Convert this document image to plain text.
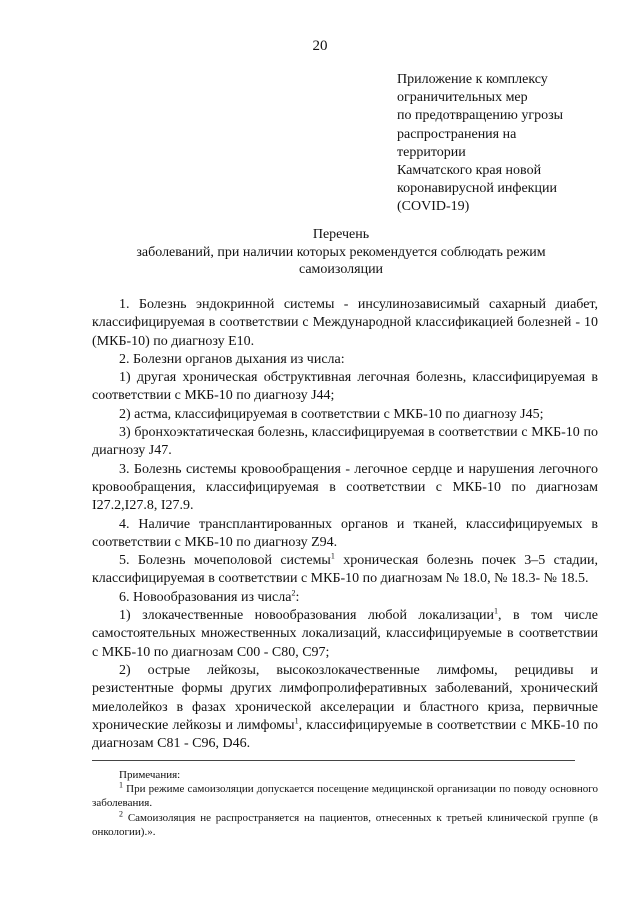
20
Приложение к комплексу
ограничительных мер
по предотвращению угрозы
распространения на
территории
Камчатского края новой
коронавирусной инфекции
(COVID-19)
Перечень
заболеваний, при наличии которых рекомендуется соблюдать режим
самоизоляции

1. Болезнь эндокринной системы - инсулинозависимый сахарный диабет, классифицируемая в соответствии с Международной классификацией болезней - 10 (МКБ-10) по диагнозу E10.

2. Болезни органов дыхания из числа:

1) другая хроническая обструктивная легочная болезнь, классифицируемая в соответствии с МКБ-10 по диагнозу J44;

2) астма, классифицируемая в соответствии с МКБ-10 по диагнозу J45;

3) бронхоэктатическая болезнь, классифицируемая в соответствии с МКБ-10 по диагнозу J47.

3. Болезнь системы кровообращения - легочное сердце и нарушения легочного кровообращения, классифицируемая в соответствии с МКБ-10 по диагнозам I27.2,I27.8, I27.9.

4. Наличие трансплантированных органов и тканей, классифицируемых в соответствии с МКБ-10 по диагнозу Z94.

5. Болезнь мочеполовой системы$^1$ хроническая болезнь почек 3–5 стадии, классифицируемая в соответствии с МКБ-10 по диагнозам № 18.0, № 18.3- № 18.5.

6. Новообразования из числа$^2$:

1) злокачественные новообразования любой локализации$^1$, в том числе самостоятельных множественных локализаций, классифицируемые в соответствии с МКБ-10 по диагнозам C00 - C80, C97;

2) острые лейкозы, высокозлокачественные лимфомы, рецидивы и резистентные формы других лимфопролиферативных заболеваний, хронический миелолейкоз в фазах хронической акселерации и бластного криза, первичные хронические лейкозы и лимфомы$^1$, классифицируемые в соответствии с МКБ-10 по диагнозам C81 - C96, D46.

Примечания:

$^1$ При режиме самоизоляции допускается посещение медицинской организации по поводу основного заболевания.

$^2$ Самоизоляция не распространяется на пациентов, отнесенных к третьей клинической группе (в онкологии).».
